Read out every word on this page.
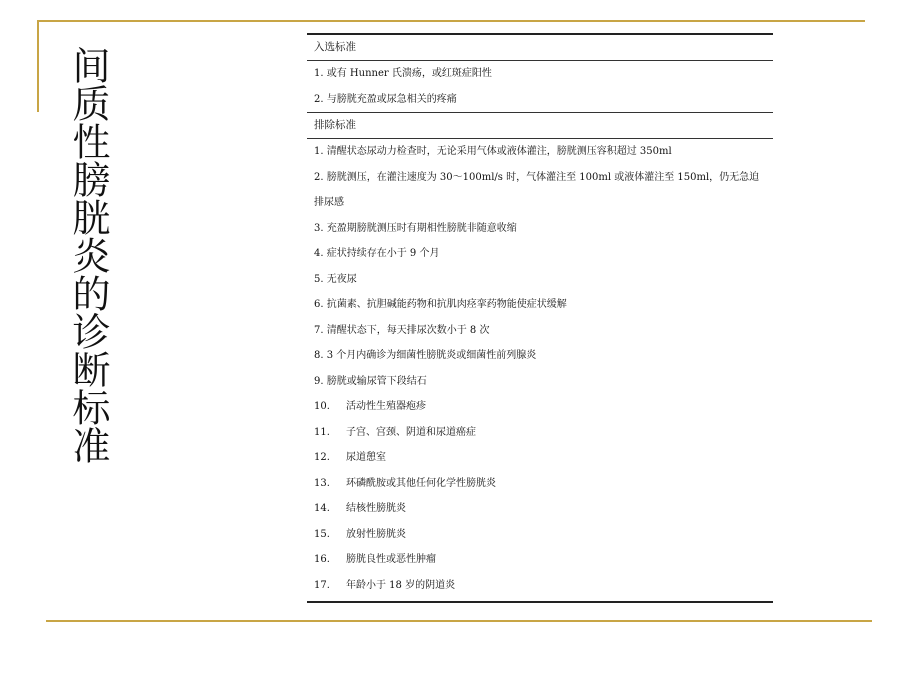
间质性膀胱炎的诊断标准	入选标准
1. 或有 Hunner 氏溃疡，或红斑症阳性
2. 与膀胱充盈或尿急相关的疼痛
排除标准
1. 清醒状态尿动力检查时，无论采用气体或液体灌注，膀胱测压容积超过 350ml
2. 膀胱测压，在灌注速度为 30～100ml/s 时，气体灌注至 100ml 或液体灌注至 150ml，仍无急迫排尿感
3. 充盈期膀胱测压时有期相性膀胱非随意收缩
4. 症状持续存在小于 9 个月
5. 无夜尿
6. 抗菌素、抗胆碱能药物和抗肌肉痉挛药物能使症状缓解
7. 清醒状态下，每天排尿次数小于 8 次
8. 3 个月内确诊为细菌性膀胱炎或细菌性前列腺炎
9. 膀胱或输尿管下段结石
10. 活动性生殖器疱疹
11. 子宫、宫颈、阴道和尿道癌症
12. 尿道憩室
13. 环磷酰胺或其他任何化学性膀胱炎
14. 结核性膀胱炎
15. 放射性膀胱炎
16. 膀胱良性或恶性肿瘤
17. 年龄小于 18 岁的阴道炎
